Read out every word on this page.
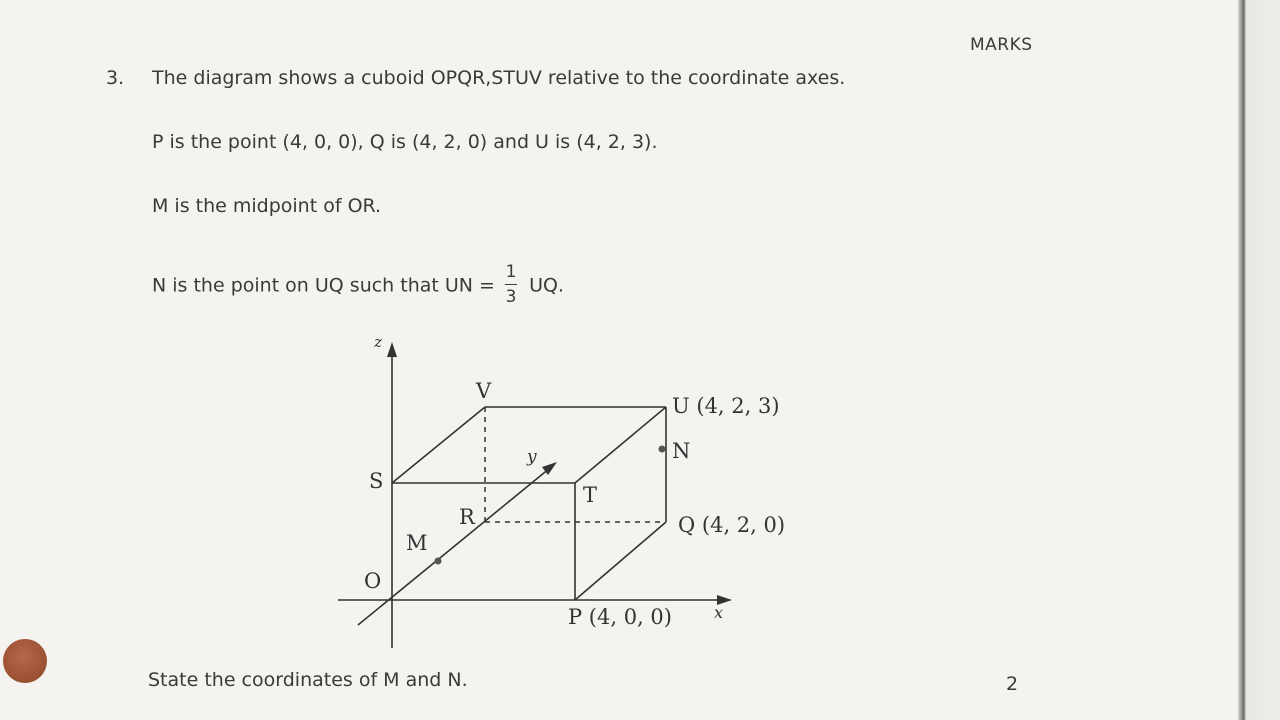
MARKS
3. The diagram shows a cuboid OPQR,STUV relative to the coordinate axes.
P is the point (4, 0, 0), Q is (4, 2, 0) and U is (4, 2, 3).
M is the midpoint of OR.
N is the point on UQ such that UN = $\frac{1}{3}$ UQ.
z
y
x
O
M
R
S
T
V
U (4, 2, 3)
N
Q (4, 2, 0)
P (4, 0, 0)
State the coordinates of M and N.	2
